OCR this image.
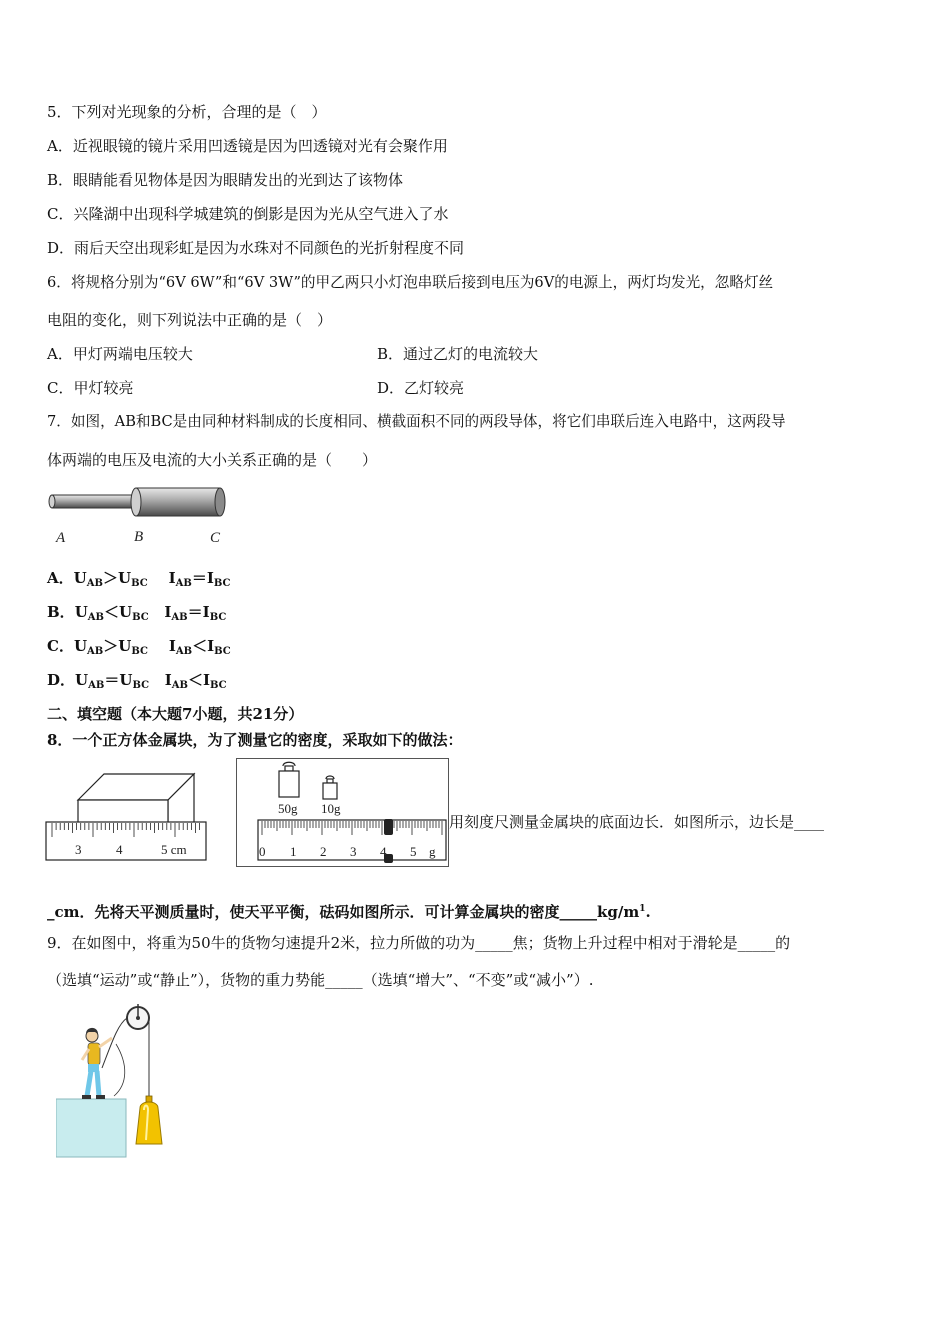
5．下列对光现象的分析，合理的是（　）
A．近视眼镜的镜片采用凹透镜是因为凹透镜对光有会聚作用
B．眼睛能看见物体是因为眼睛发出的光到达了该物体
C．兴隆湖中出现科学城建筑的倒影是因为光从空气进入了水
D．雨后天空出现彩虹是因为水珠对不同颜色的光折射程度不同
6．将规格分别为“6V 6W”和“6V 3W”的甲乙两只小灯泡串联后接到电压为6V的电源上，两灯均发光，忽略灯丝
电阻的变化，则下列说法中正确的是（　）
A．甲灯两端电压较大	B．通过乙灯的电流较大
C．甲灯较亮	D．乙灯较亮
7．如图，AB和BC是由同种材料制成的长度相同、横截面积不同的两段导体，将它们串联后连入电路中，这两段导
体两端的电压及电流的大小关系正确的是（　　）
A	B	C
A．$U_{AB}>U_{BC}$ $I_{AB}=I_{BC}$
B．$U_{AB}<U_{BC}$ $I_{AB}=I_{BC}$
C．$U_{AB}>U_{BC}$ $I_{AB}<I_{BC}$
D．$U_{AB}=U_{BC}$ $I_{AB}<I_{BC}$
二、填空题（本大题7小题，共21分）
8．一个正方体金属块，为了测量它的密度，采取如下的做法：
3	4	5 cm
50g 10g
0 1 2 3 4 5 g
用刻度尺测量金属块的底面边长．如图所示，边长是____
_cm．先将天平测质量时，使天平平衡，砝码如图所示．可计算金属块的密度$\_\_\_\_\_kg/m^1$.
9．在如图中，将重为50牛的货物匀速提升2米，拉力所做的功为_____焦；货物上升过程中相对于滑轮是_____的
（选填“运动”或“静止”），货物的重力势能_____（选填“增大”、“不变”或“减小”）.
